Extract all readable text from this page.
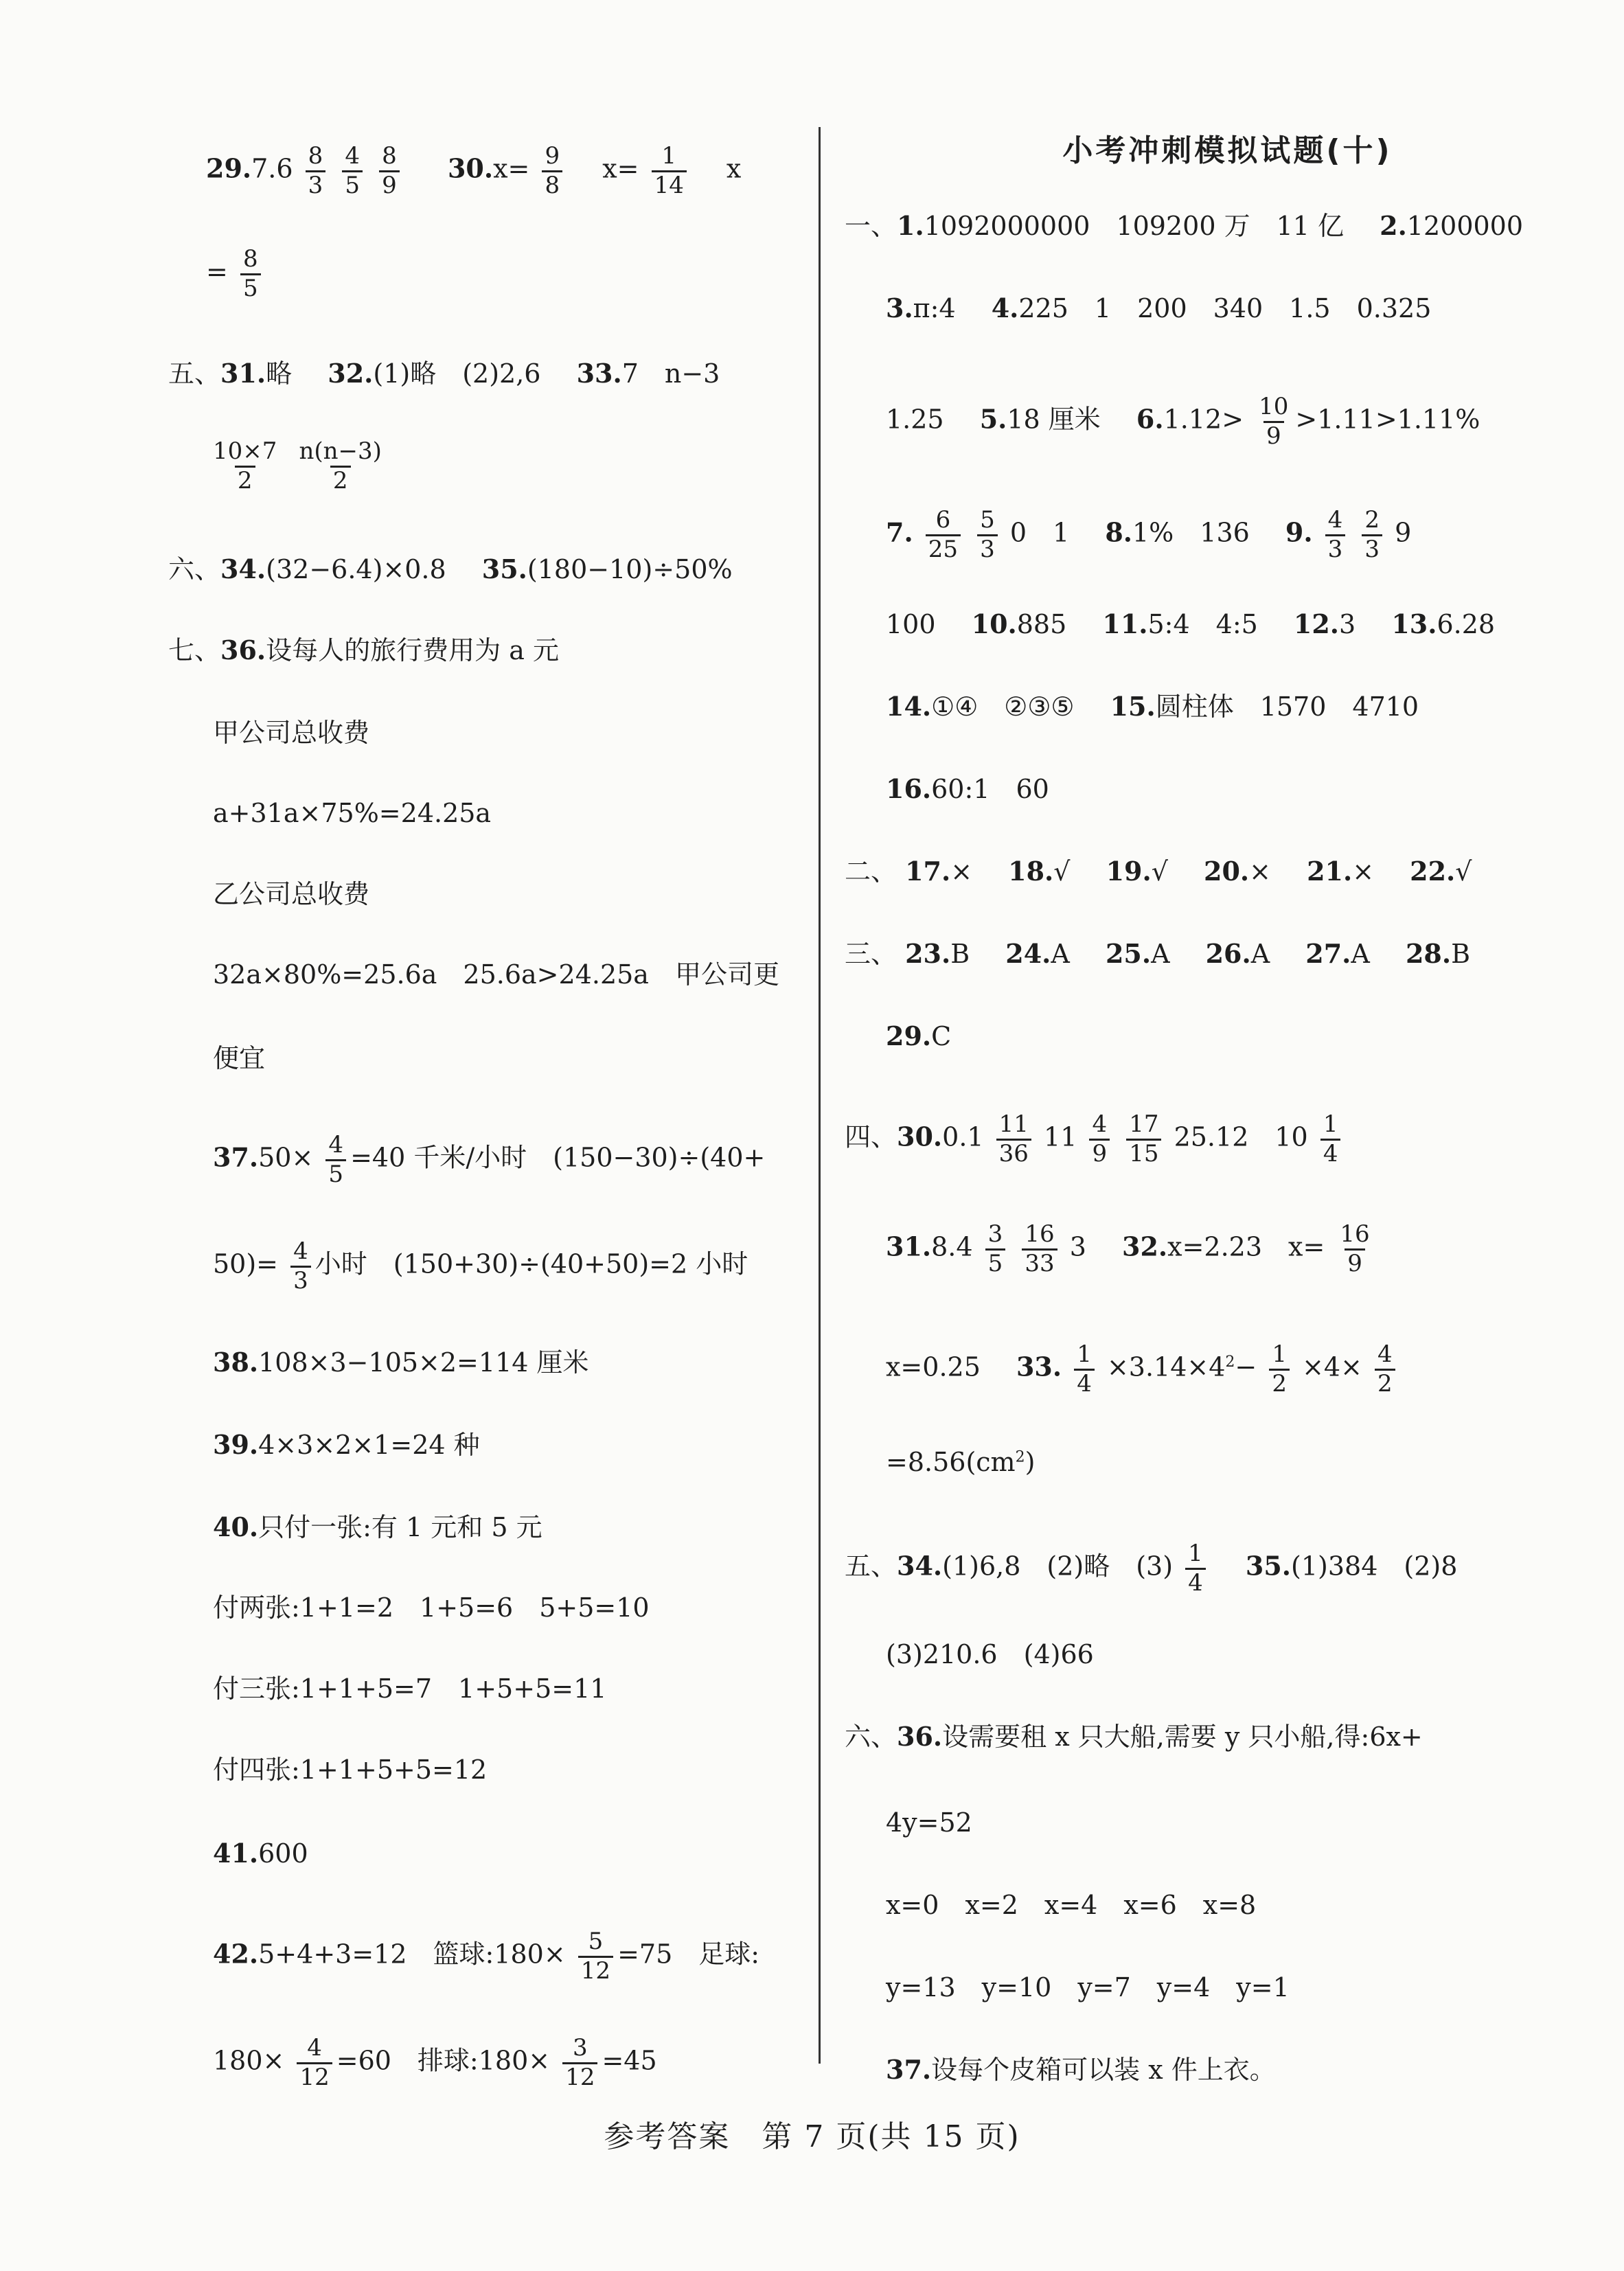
$29.7.6 \frac{8}{3}$
$\frac{4}{5}$
$\frac{8}{9} 30.x= \frac{9}{8} x= \frac{1}{14}$ x
= $\frac{8}{5}$
五、31.略 32.(1)略　(2)2,6 33.7　n−3
$\frac{10\times 7}{2}$
$\frac{n(n-3)}{2}$
六、34.(32−6.4)×0.8 35.(180−10)÷50%
七、36.设每人的旅行费用为 a 元
甲公司总收费
a+31a×75%=24.25a
乙公司总收费
32a×80%=25.6a　25.6a>24.25a　甲公司更
便宜
$37.50\times \frac{4}{5} =40$ 千米/小时　(150−30)÷(40+
$50)= \frac{4}{3}$ 小时　(150+30)÷(40+50)=2 小时
38.108×3−105×2=114 厘米
39.4×3×2×1=24 种
40.只付一张:有 1 元和 5 元
付两张:1+1=2　1+5=6　5+5=10
付三张:1+1+5=7　1+5+5=11
付四张:1+1+5+5=12
41.600
42.5+4+3=12　篮球:180× $\frac{5}{12} =75$　足球:
$180\times \frac{4}{12} =60$　排球:180× $\frac{3}{12} =45$
小考冲刺模拟试题(十)
一、1.1092000000　109200 万　11 亿 2.1200000
3.π:4 4.225　1　200　340　1.5　0.325
1.25 5.18 厘米 $6.1.12> \frac{10}{9} >1.11>1.11\%$
7. $\frac{6}{25}$
$\frac{5}{3} 0$　1 8.1%　136 9. $\frac{4}{3}$
$\frac{2}{3} 9$
100 10.885 11.5:4　4:5 12.3 13.6.28
14.①④　②③⑤ 15.圆柱体　1570　4710
16.60:1　60
二、 17.× 18.√ 19.√ 20.× 21.× 22.√
三、 23.B 24.A 25.A 26.A 27.A 28.B
29.C
四、$30.0.1 \frac{11}{36} 11 \frac{4}{9}$
$\frac{17}{15} 25.12$　$10 \frac{1}{4}$
$31.8.4 \frac{3}{5}$
$\frac{16}{33} 3$ 32.x=2.23　$x= \frac{16}{9}$
x=0.25 33. $\frac{1}{4} \times 3.14\times 4^2- \frac{1}{2} \times 4\times \frac{4}{2}$
$=8.56(cm^2)$
五、34.(1)6,8　(2)略　$(3) \frac{1}{4} 35.(1)384$　(2)8
(3)210.6　(4)66
六、36.设需要租 x 只大船,需要 y 只小船,得:6x+
4y=52
x=0　x=2　x=4　x=6　x=8
y=13　y=10　y=7　y=4　y=1
37.设每个皮箱可以装 x 件上衣。
参考答案　第 7 页(共 15 页)
